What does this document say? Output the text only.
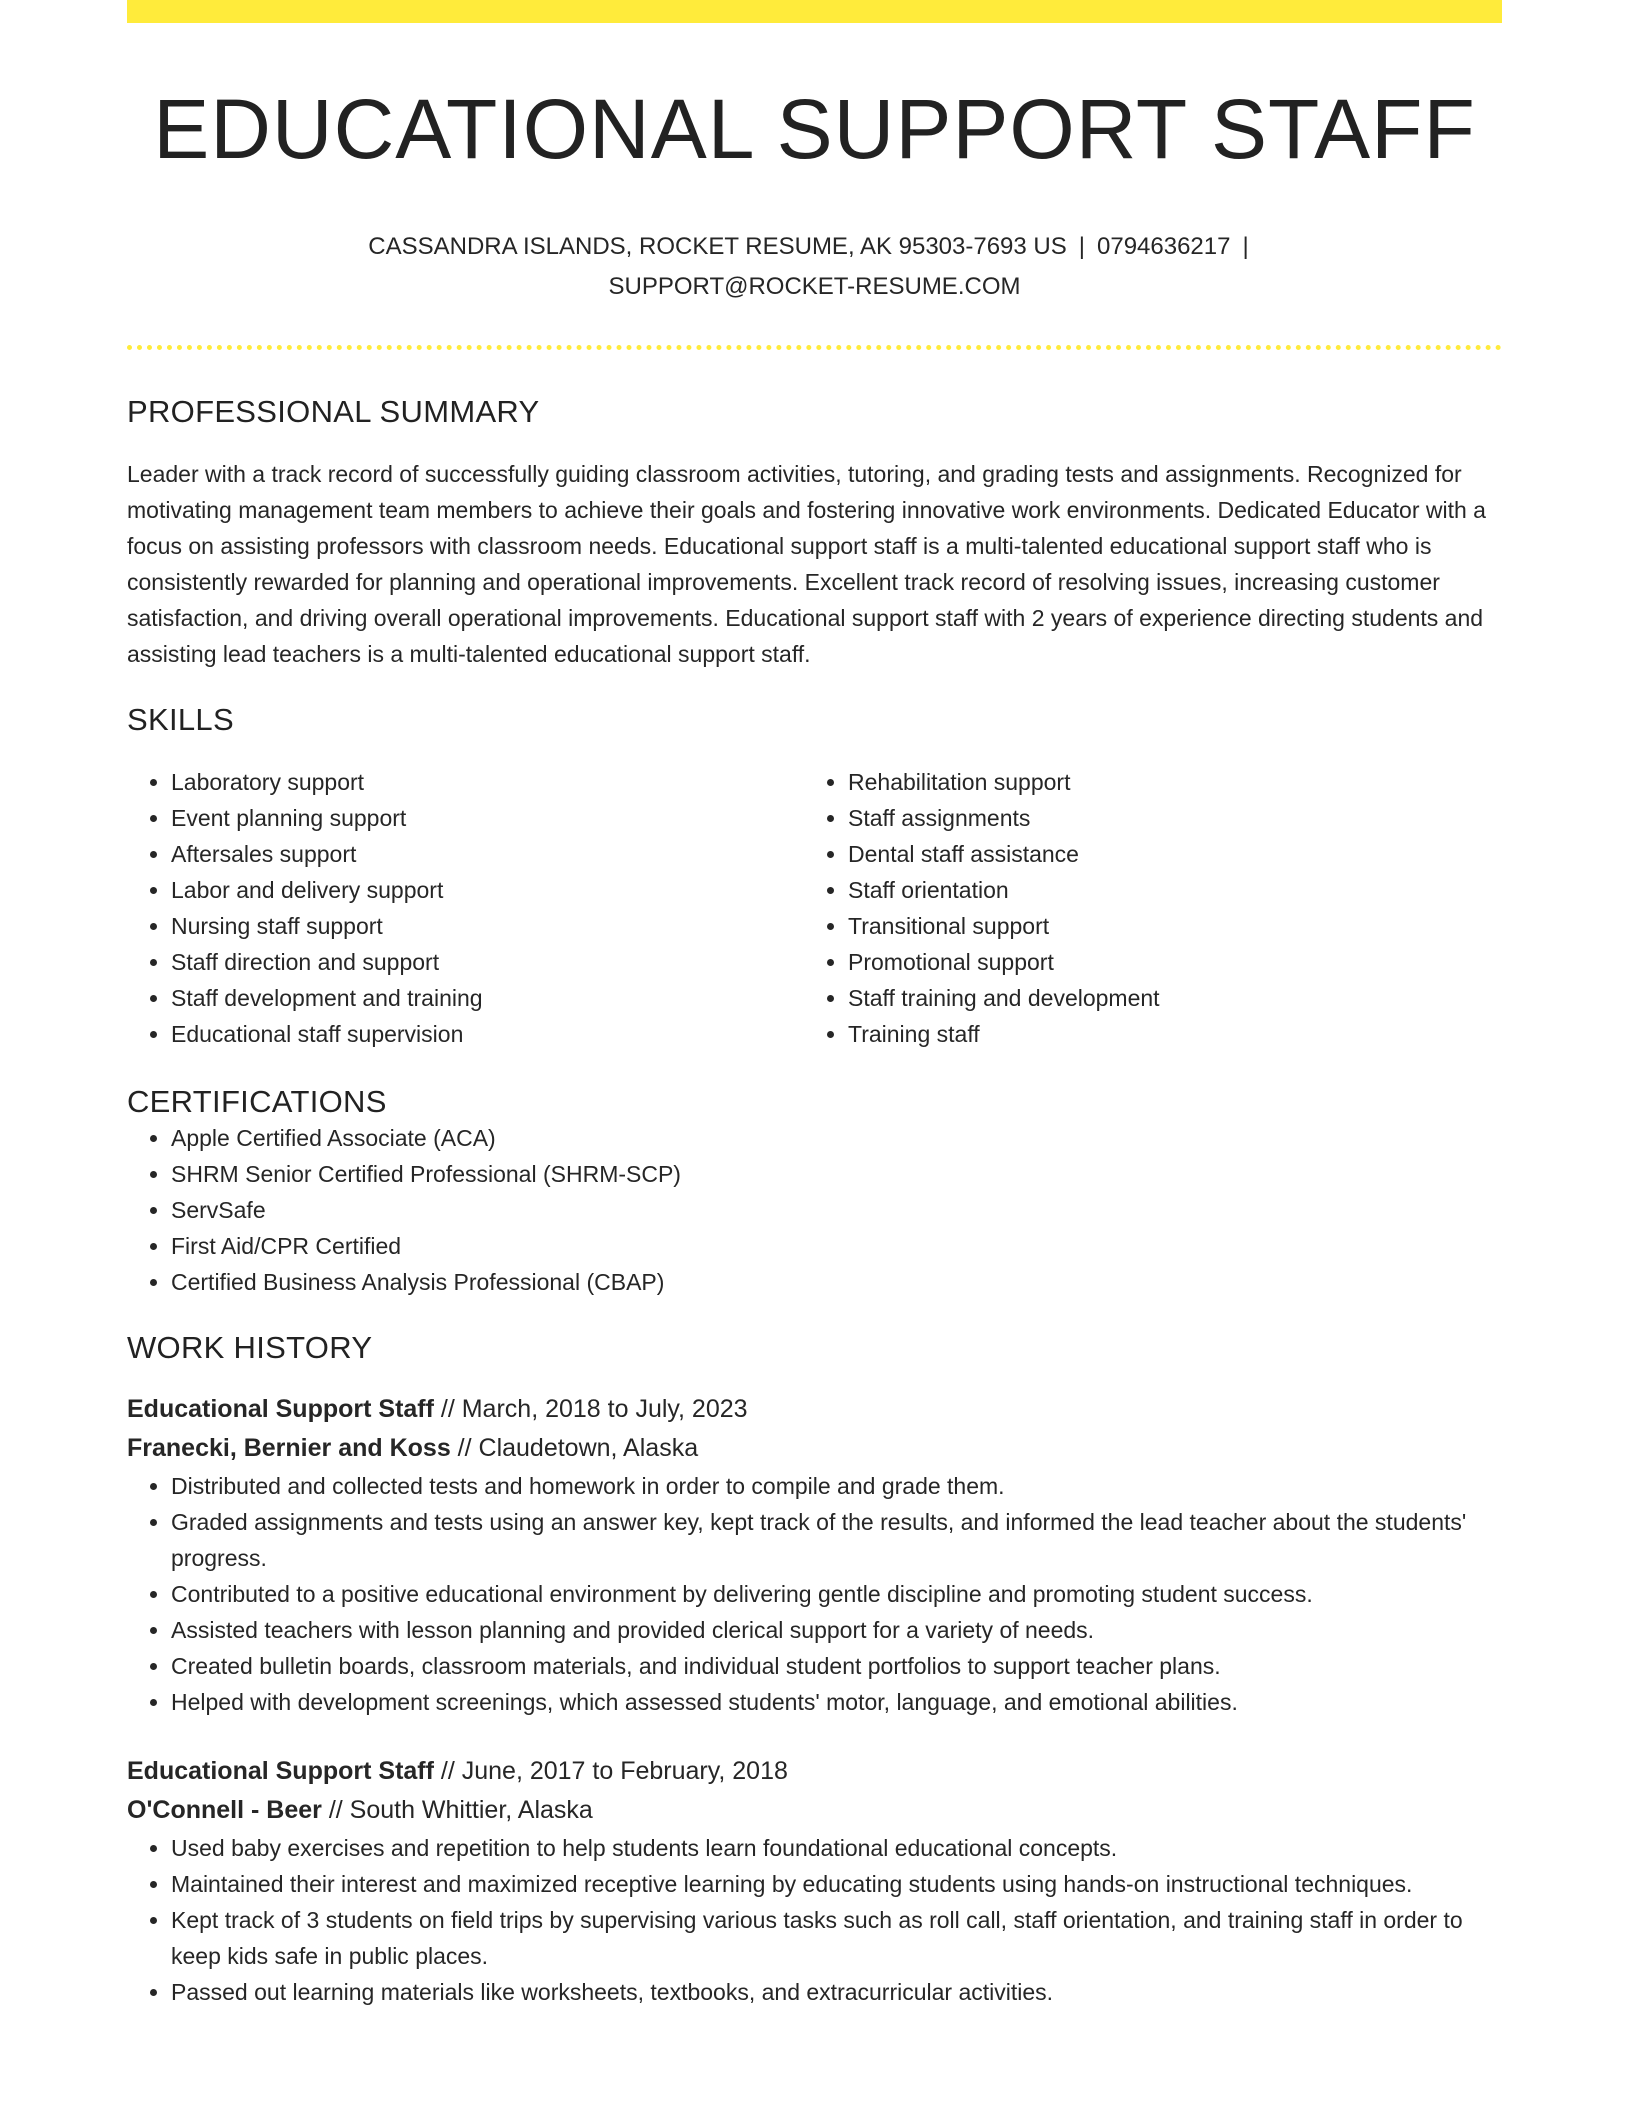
EDUCATIONAL SUPPORT STAFF
CASSANDRA ISLANDS, ROCKET RESUME, AK 95303-7693 US | 0794636217 |
SUPPORT@ROCKET-RESUME.COM
PROFESSIONAL SUMMARY
Leader with a track record of successfully guiding classroom activities, tutoring, and grading tests and assignments. Recognized for motivating management team members to achieve their goals and fostering innovative work environments. Dedicated Educator with a focus on assisting professors with classroom needs. Educational support staff is a multi-talented educational support staff who is consistently rewarded for planning and operational improvements. Excellent track record of resolving issues, increasing customer satisfaction, and driving overall operational improvements. Educational support staff with 2 years of experience directing students and assisting lead teachers is a multi-talented educational support staff.
SKILLS
• Laboratory support
• Event planning support
• Aftersales support
• Labor and delivery support
• Nursing staff support
• Staff direction and support
• Staff development and training
• Educational staff supervision
• Rehabilitation support
• Staff assignments
• Dental staff assistance
• Staff orientation
• Transitional support
• Promotional support
• Staff training and development
• Training staff
CERTIFICATIONS
• Apple Certified Associate (ACA)
• SHRM Senior Certified Professional (SHRM-SCP)
• ServSafe
• First Aid/CPR Certified
• Certified Business Analysis Professional (CBAP)
WORK HISTORY
Educational Support Staff // March, 2018 to July, 2023
Franecki, Bernier and Koss // Claudetown, Alaska
• Distributed and collected tests and homework in order to compile and grade them.
• Graded assignments and tests using an answer key, kept track of the results, and informed the lead teacher about the students' progress.
• Contributed to a positive educational environment by delivering gentle discipline and promoting student success.
• Assisted teachers with lesson planning and provided clerical support for a variety of needs.
• Created bulletin boards, classroom materials, and individual student portfolios to support teacher plans.
• Helped with development screenings, which assessed students' motor, language, and emotional abilities.
Educational Support Staff // June, 2017 to February, 2018
O'Connell - Beer // South Whittier, Alaska
• Used baby exercises and repetition to help students learn foundational educational concepts.
• Maintained their interest and maximized receptive learning by educating students using hands-on instructional techniques.
• Kept track of 3 students on field trips by supervising various tasks such as roll call, staff orientation, and training staff in order to keep kids safe in public places.
• Passed out learning materials like worksheets, textbooks, and extracurricular activities.
